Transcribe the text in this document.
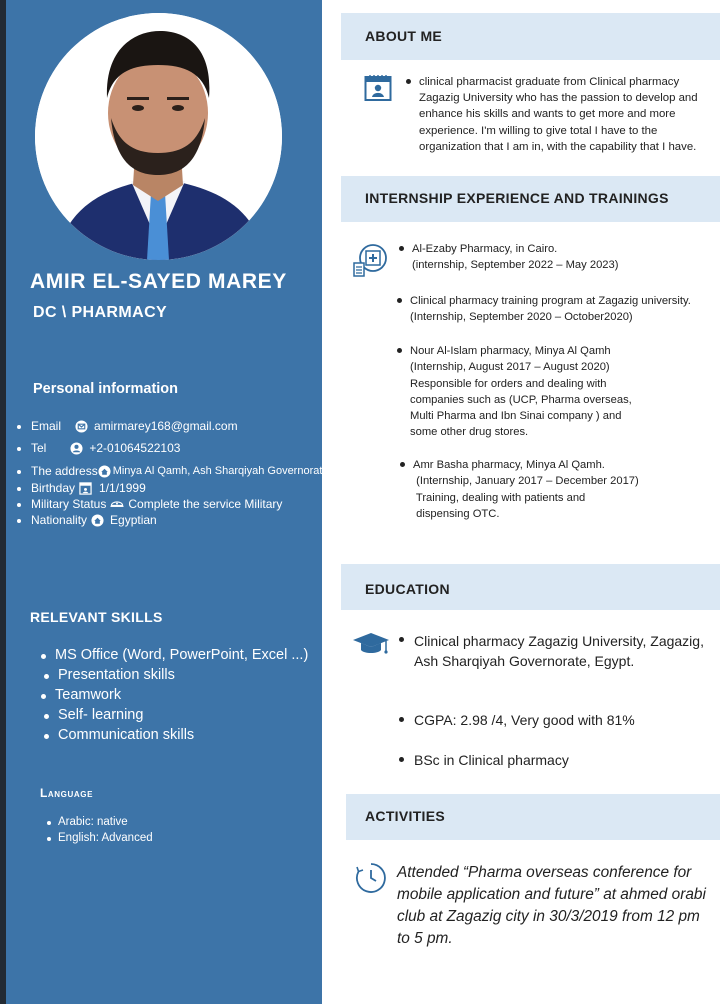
AMIR EL-SAYED MAREY
DC \ PHARMACY
Personal information
Email	amirmarey168@gmail.com
Tel	+2-01064522103
The address Minya Al Qamh, Ash Sharqiyah Governorate
Birthday 1/1/1999
Military Status Complete the service Military
Nationality Egyptian
RELEVANT SKILLS
MS Office (Word, PowerPoint, Excel ...)
Presentation skills
Teamwork
Self- learning
Communication skills
Language
Arabic: native
English: Advanced
ABOUT ME
clinical pharmacist graduate from Clinical pharmacy Zagazig University who has the passion to develop and enhance his skills and wants to get more and more experience. I'm willing to give total I have to the organization that I am in, with the capability that I have.
INTERNSHIP EXPERIENCE AND TRAININGS
Al-Ezaby Pharmacy, in Cairo.
(internship, September 2022 – May 2023)
Clinical pharmacy training program at Zagazig university.
(Internship, September 2020 – October2020)
Nour Al-Islam pharmacy, Minya Al Qamh
(Internship, August 2017 – August 2020)
Responsible for orders and dealing with
companies such as (UCP, Pharma overseas,
Multi Pharma and Ibn Sinai company ) and
some other drug stores.
Amr Basha pharmacy, Minya Al Qamh.
(Internship, January 2017 – December 2017)
Training, dealing with patients and
dispensing OTC.
EDUCATION
Clinical pharmacy Zagazig University, Zagazig, Ash Sharqiyah Governorate, Egypt.
CGPA: 2.98 /4, Very good with 81%
BSc in Clinical pharmacy
ACTIVITIES
Attended “Pharma overseas conference for mobile application and future” at ahmed orabi club at Zagazig city in 30/3/2019 from 12 pm to 5 pm.
